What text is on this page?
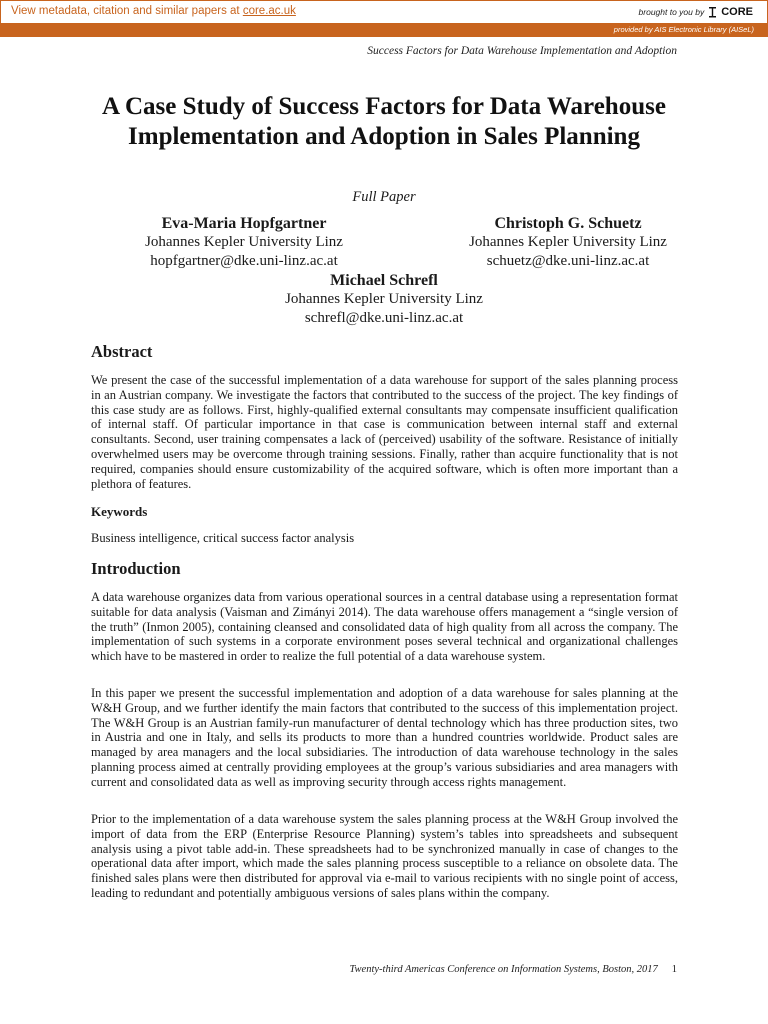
View metadata, citation and similar papers at core.ac.uk	brought to you by CORE
provided by AIS Electronic Library (AISeL)
Success Factors for Data Warehouse Implementation and Adoption
A Case Study of Success Factors for Data Warehouse Implementation and Adoption in Sales Planning
Full Paper
Eva-Maria Hopfgartner
Johannes Kepler University Linz
hopfgartner@dke.uni-linz.ac.at
Christoph G. Schuetz
Johannes Kepler University Linz
schuetz@dke.uni-linz.ac.at
Michael Schrefl
Johannes Kepler University Linz
schrefl@dke.uni-linz.ac.at
Abstract

We present the case of the successful implementation of a data warehouse for support of the sales planning process in an Austrian company. We investigate the factors that contributed to the success of the project. The key findings of this case study are as follows. First, highly-qualified external consultants may compensate insufficient qualification of internal staff. Of particular importance in that case is communication between internal staff and external consultants. Second, user training compensates a lack of (perceived) usability of the software. Resistance of initially overwhelmed users may be overcome through training sessions. Finally, rather than acquire functionality that is not required, companies should ensure customizability of the acquired software, which is often more important than a plethora of features.

Keywords

Business intelligence, critical success factor analysis

Introduction

A data warehouse organizes data from various operational sources in a central database using a representation format suitable for data analysis (Vaisman and Zimányi 2014). The data warehouse offers management a “single version of the truth” (Inmon 2005), containing cleansed and consolidated data of high quality from all across the company. The implementation of such systems in a corporate environment poses several technical and organizational challenges which have to be mastered in order to realize the full potential of a data warehouse system.

In this paper we present the successful implementation and adoption of a data warehouse for sales planning at the W&H Group, and we further identify the main factors that contributed to the success of this implementation project. The W&H Group is an Austrian family-run manufacturer of dental technology which has three production sites, two in Austria and one in Italy, and sells its products to more than a hundred countries worldwide. Product sales are managed by area managers and the local subsidiaries. The introduction of data warehouse technology in the sales planning process aimed at centrally providing employees at the group’s various subsidiaries and area managers with current and consolidated data as well as improving security through access rights management.

Prior to the implementation of a data warehouse system the sales planning process at the W&H Group involved the import of data from the ERP (Enterprise Resource Planning) system’s tables into spreadsheets and subsequent analysis using a pivot table add-in. These spreadsheets had to be synchronized manually in case of changes to the operational data after import, which made the sales planning process susceptible to a reliance on obsolete data. The finished sales plans were then distributed for approval via e-mail to various recipients with no single point of access, leading to redundant and potentially ambiguous versions of sales plans within the company.

Twenty-third Americas Conference on Information Systems, Boston, 2017 1
